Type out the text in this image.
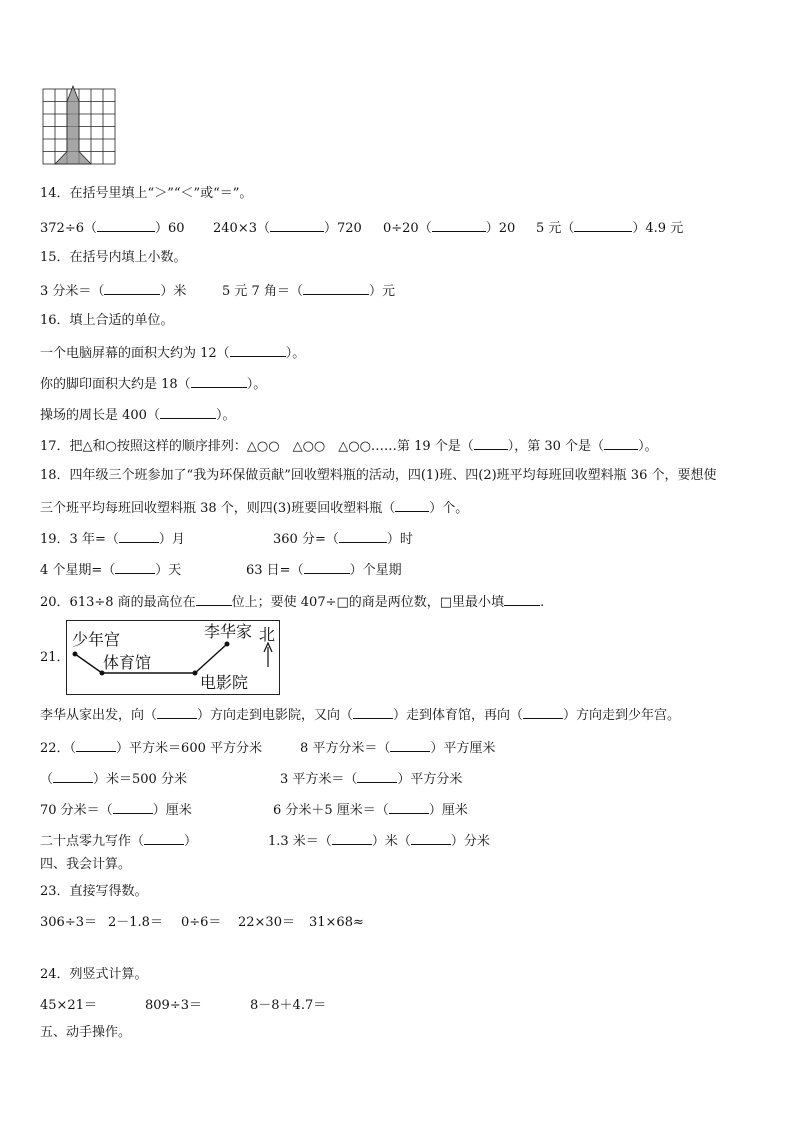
14．在括号里填上“＞”“＜”或“＝”。
372÷6（	）60 240×3（	）720 0÷20（	）20 5 元（	）4.9 元
15．在括号内填上小数。
3 分米＝（	）米	5 元 7 角＝（	）元
16．填上合适的单位。
一个电脑屏幕的面积大约为 12（	）。
你的脚印面积大约是 18（	）。
操场的周长是 400（	）。
17．把△和○按照这样的顺序排列：△○○　△○○　△○○……第 19 个是（	），第 30 个是（	）。
18．四年级三个班参加了“我为环保做贡献”回收塑料瓶的活动，四(1)班、四(2)班平均每班回收塑料瓶 36 个，要想使
三个班平均每班回收塑料瓶 38 个，则四(3)班要回收塑料瓶（	）个。
19．3 年=（	）月	360 分=（	）时
4 个星期=（	）天	63 日=（	）个星期
20．613÷8 商的最高位在	位上；要使 407÷□的商是两位数，□里最小填	.
21．
少年宫
体育馆
李华家 北
电影院
李华从家出发，向（	）方向走到电影院，又向（	）走到体育馆，再向（	）方向走到少年宫。
22．（	）平方米＝600 平方分米	8 平方分米＝（	）平方厘米
（	）米＝500 分米	3 平方米＝（	）平方分米
70 分米＝（	）厘米	6 分米＋5 厘米＝（	）厘米
二十点零九写作（	）	1.3 米＝（	）米（	）分米
四、我会计算。
23．直接写得数。
306÷3＝ 2－1.8＝ 0÷6＝ 22×30＝ 31×68≈
24．列竖式计算。
45×21＝	809÷3＝	8－8＋4.7＝
五、动手操作。
